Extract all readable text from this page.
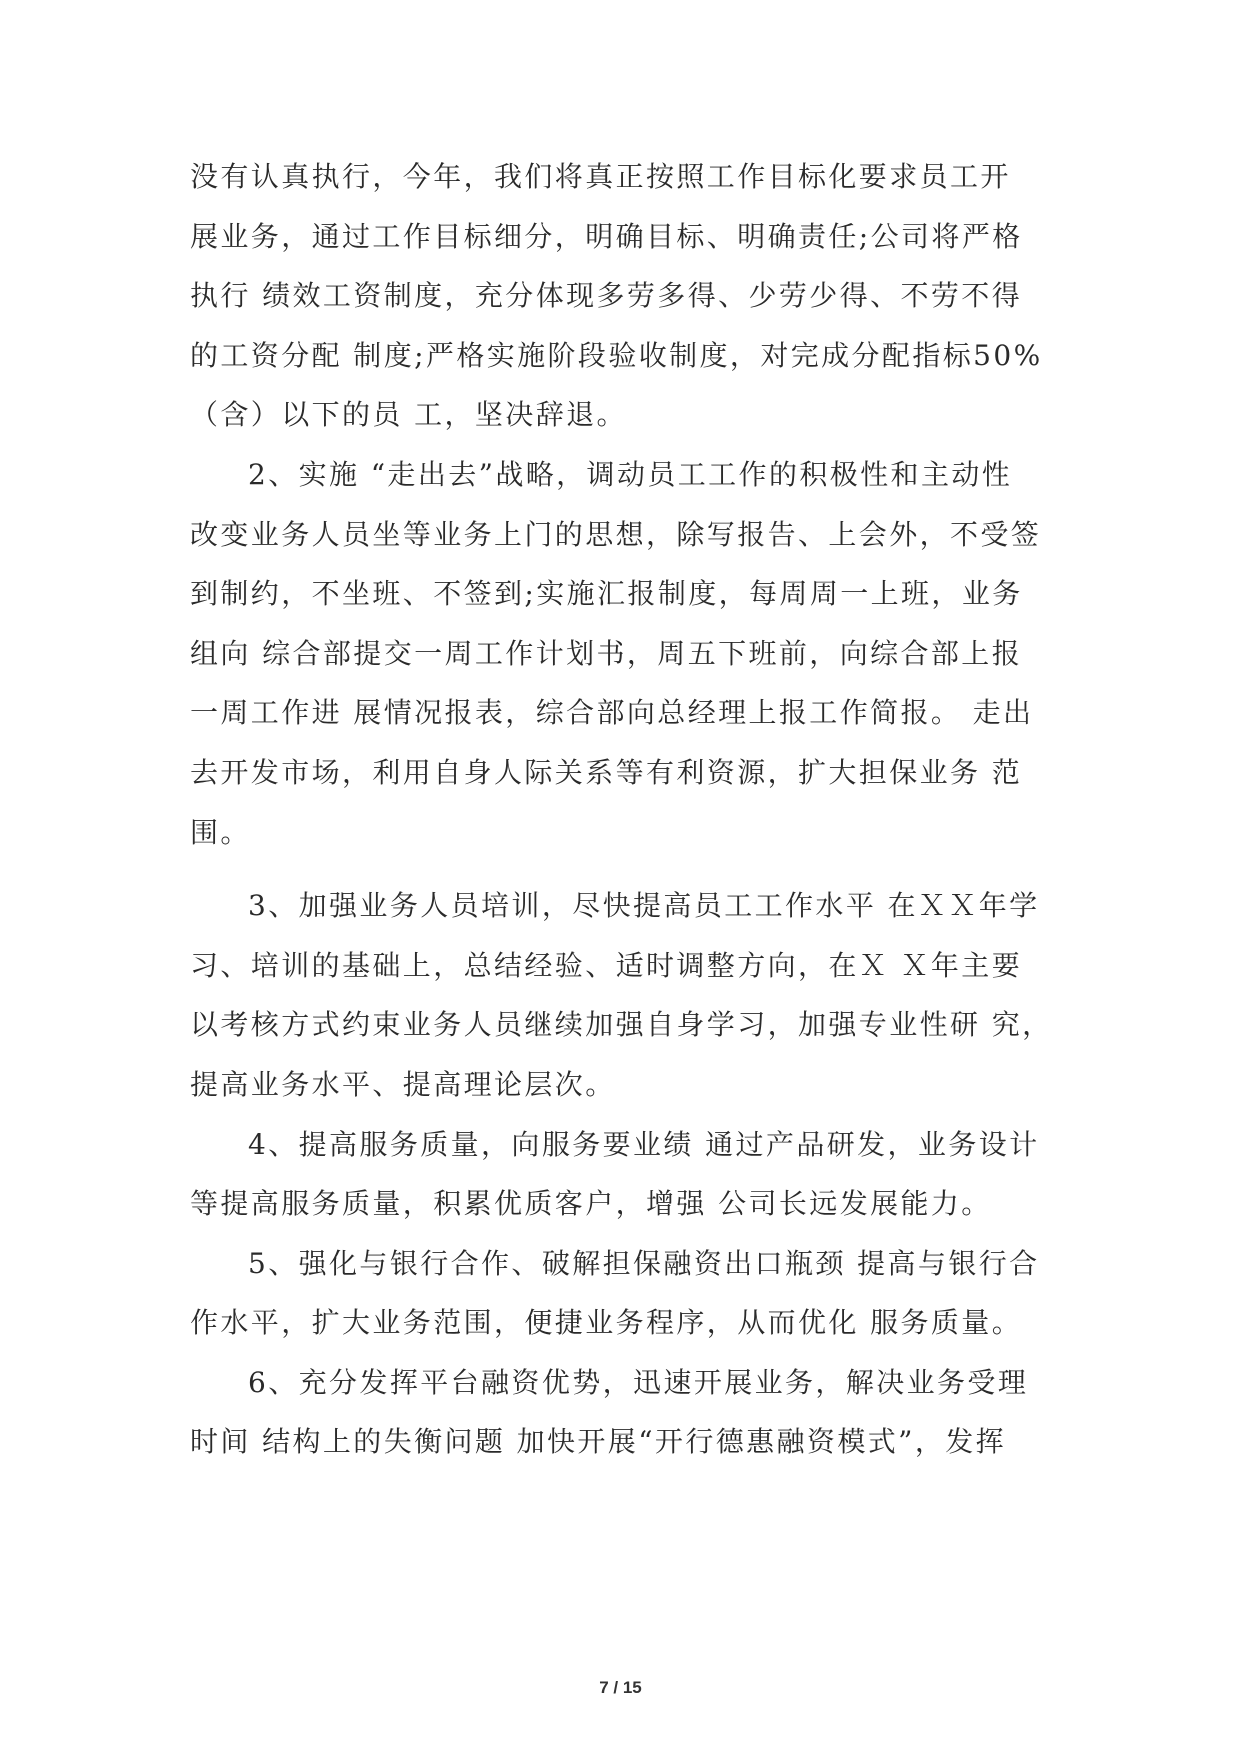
没有认真执行，今年，我们将真正按照工作目标化要求员工开
展业务，通过工作目标细分，明确目标、明确责任;公司将严格
执行 绩效工资制度，充分体现多劳多得、少劳少得、不劳不得
的工资分配 制度;严格实施阶段验收制度，对完成分配指标50%
（含）以下的员 工，坚决辞退。
2、实施 “走出去”战略，调动员工工作的积极性和主动性
改变业务人员坐等业务上门的思想，除写报告、上会外，不受签
到制约，不坐班、不签到;实施汇报制度，每周周一上班，业务
组向 综合部提交一周工作计划书，周五下班前，向综合部上报
一周工作进 展情况报表，综合部向总经理上报工作简报。 走出
去开发市场，利用自身人际关系等有利资源，扩大担保业务 范
围。
3、加强业务人员培训，尽快提高员工工作水平 在ＸＸ年学
习、培训的基础上，总结经验、适时调整方向，在Ｘ Ｘ年主要
以考核方式约束业务人员继续加强自身学习，加强专业性研 究，
提高业务水平、提高理论层次。
4、提高服务质量，向服务要业绩 通过产品研发，业务设计
等提高服务质量，积累优质客户，增强 公司长远发展能力。
5、强化与银行合作、破解担保融资出口瓶颈 提高与银行合
作水平，扩大业务范围，便捷业务程序，从而优化 服务质量。
6、充分发挥平台融资优势，迅速开展业务，解决业务受理
时间 结构上的失衡问题 加快开展“开行德惠融资模式”，发挥
7 / 15
